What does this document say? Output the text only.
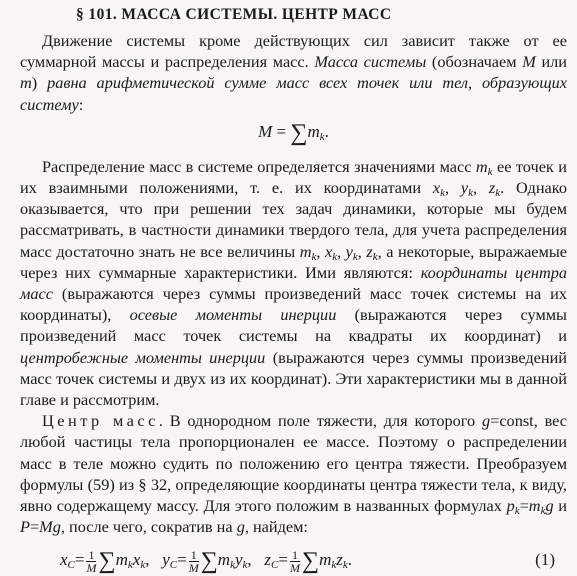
§ 101. МАССА СИСТЕМЫ. ЦЕНТР МАСС

Движение системы кроме действующих сил зависит также от ее суммарной массы и распределения масс. Масса системы (обозначаем M или m) равна арифметической сумме масс всех точек или тел, образующих систему:

$M = \sum m_k$.

Распределение масс в системе определяется значениями масс $m_k$ ее точек и их взаимными положениями, т. е. их координатами $x_k$, $y_k$, $z_k$. Однако оказывается, что при решении тех задач динамики, которые мы будем рассматривать, в частности динамики твердого тела, для учета распределения масс достаточно знать не все величины $m_k$, $x_k$, $y_k$, $z_k$, а некоторые, выражаемые через них суммарные характеристики. Ими являются: координаты центра масс (выражаются через суммы произведений масс точек системы на их координаты), осевые моменты инерции (выражаются через суммы произведений масс точек системы на квадраты их координат) и центробежные моменты инерции (выражаются через суммы произведений масс точек системы и двух из их координат). Эти характеристики мы в данной главе и рассмотрим.

Центр масс. В однородном поле тяжести, для которого g=const, вес любой частицы тела пропорционален ее массе. Поэтому о распределении масс в теле можно судить по положению его центра тяжести. Преобразуем формулы (59) из § 32, определяющие координаты центра тяжести тела, к виду, явно содержащему массу. Для этого положим в названных формулах $p_k=m_kg$ и P=Mg, после чего, сократив на g, найдем:

$x_C= \frac{1}{M} \sum m_kx_k$, $y_C= \frac{1}{M} \sum m_ky_k$, $z_C= \frac{1}{M} \sum m_kz_k$.	(1)
